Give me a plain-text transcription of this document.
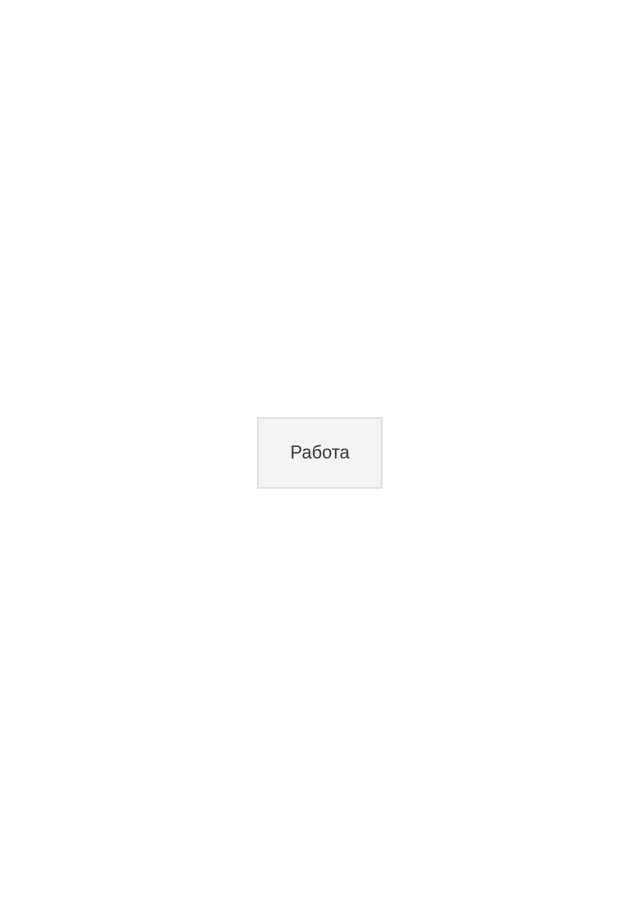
Работа
